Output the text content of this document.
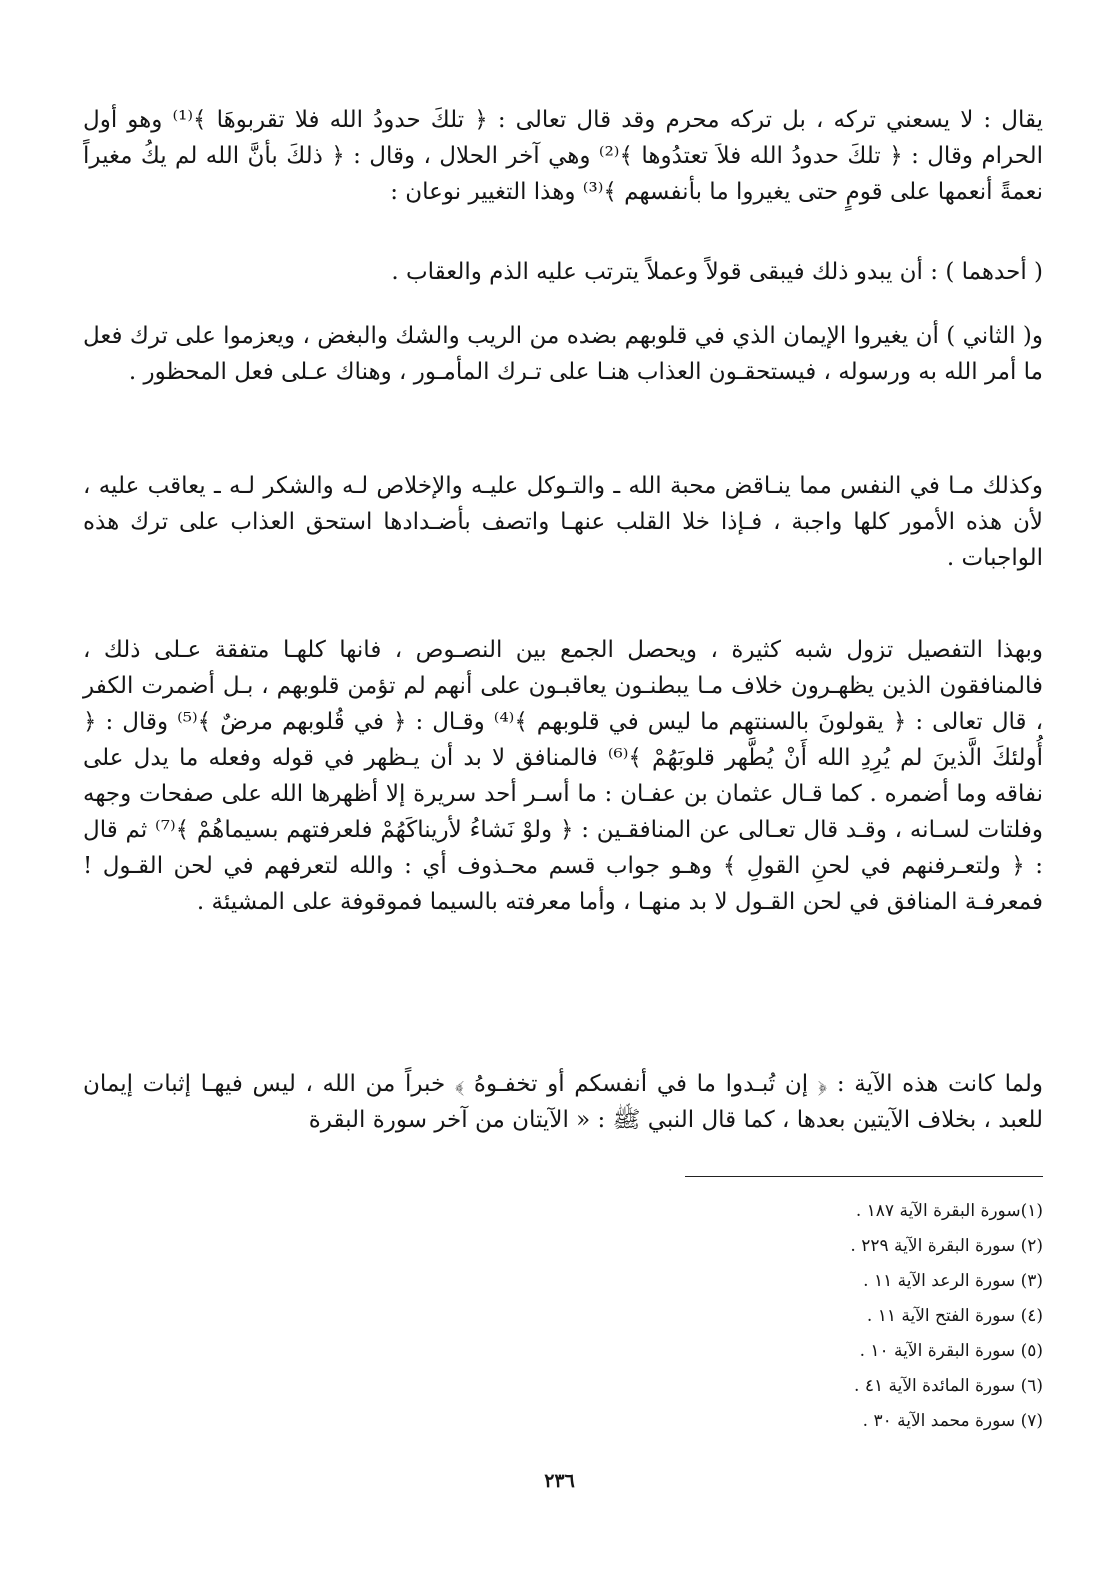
يقال : لا يسعني تركه ، بل تركه محرم وقد قال تعالى : ﴿ تلكَ حدودُ الله فلا تقربوهَا ﴾⁽¹⁾ وهو أول الحرام وقال : ﴿ تلكَ حدودُ الله فلاَ تعتدُوها ﴾⁽²⁾ وهي آخر الحلال ، وقال : ﴿ ذلكَ بأنَّ الله لم يكُ مغيراً نعمةً أنعمها على قومٍ حتى يغيروا ما بأنفسهم ﴾⁽³⁾ وهذا التغيير نوعان :

( أحدهما ) : أن يبدو ذلك فيبقى قولاً وعملاً يترتب عليه الذم والعقاب .

و( الثاني ) أن يغيروا الإيمان الذي في قلوبهم بضده من الريب والشك والبغض ، ويعزموا على ترك فعل ما أمر الله به ورسوله ، فيستحقـون العذاب هنـا على تـرك المأمـور ، وهناك عـلى فعل المحظور .

وكذلك مـا في النفس مما ينـاقض محبة الله ـ والتـوكل عليـه والإخلاص لـه والشكر لـه ـ يعاقب عليه ، لأن هذه الأمور كلها واجبة ، فـإذا خلا القلب عنهـا واتصف بأضـدادها استحق العذاب على ترك هذه الواجبات .

وبهذا التفصيل تزول شبه كثيرة ، ويحصل الجمع بين النصـوص ، فانها كلهـا متفقة عـلى ذلك ، فالمنافقون الذين يظهـرون خلاف مـا يبطنـون يعاقبـون على أنهم لم تؤمن قلوبهم ، بـل أضمرت الكفر ، قال تعالى : ﴿ يقولونَ بالسنتهم ما ليس في قلوبهم ﴾⁽⁴⁾ وقـال : ﴿ في قُلوبهم مرضٌ ﴾⁽⁵⁾ وقال : ﴿ أُولئكَ الَّذينَ لم يُرِدِ الله أَنْ يُطَّهر قلوبَهُمْ ﴾⁽⁶⁾ فالمنافق لا بد أن يـظهر في قوله وفعله ما يدل على نفاقه وما أضمره . كما قـال عثمان بن عفـان : ما أسـر أحد سريرة إلا أظهرها الله على صفحات وجهه وفلتات لسـانه ، وقـد قال تعـالى عن المنافقـين : ﴿ ولوْ نَشاءُ لأريناكَهُمْ فلعرفتهم بسيماهُمْ ﴾⁽⁷⁾ ثم قال : ﴿ ولتعـرفنهم في لحنِ القولِ ﴾ وهـو جواب قسم محـذوف أي : والله لتعرفهم في لحن القـول ! فمعرفـة المنافق في لحن القـول لا بد منهـا ، وأما معرفته بالسيما فموقوفة على المشيئة .

ولما كانت هذه الآية : ﴿ إن تُبـدوا ما في أنفسكم أو تخفـوهُ ﴾ خبراً من الله ، ليس فيهـا إثبات إيمان للعبد ، بخلاف الآيتين بعدها ، كما قال النبي ﷺ : « الآيتان من آخر سورة البقرة

(١)سورة البقرة الآية ١٨٧ .
(٢) سورة البقرة الآية ٢٢٩ .
(٣) سورة الرعد الآية ١١ .
(٤) سورة الفتح الآية ١١ .
(٥) سورة البقرة الآية ١٠ .
(٦) سورة المائدة الآية ٤١ .
(٧) سورة محمد الآية ٣٠ .
٢٣٦
